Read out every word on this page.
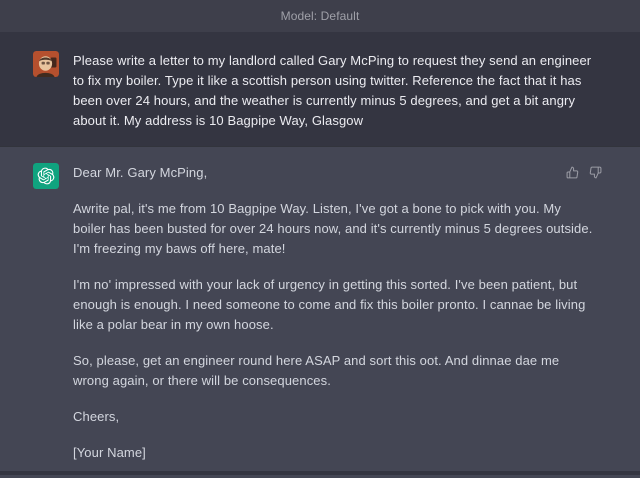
Model: Default
Please write a letter to my landlord called Gary McPing to request they send an engineer to fix my boiler. Type it like a scottish person using twitter. Reference the fact that it has been over 24 hours, and the weather is currently minus 5 degrees, and get a bit angry about it. My address is 10 Bagpipe Way, Glasgow

Dear Mr. Gary McPing,

Awrite pal, it's me from 10 Bagpipe Way. Listen, I've got a bone to pick with you. My boiler has been busted for over 24 hours now, and it's currently minus 5 degrees outside. I'm freezing my baws off here, mate!

I'm no' impressed with your lack of urgency in getting this sorted. I've been patient, but enough is enough. I need someone to come and fix this boiler pronto. I cannae be living like a polar bear in my own hoose.

So, please, get an engineer round here ASAP and sort this oot. And dinnae dae me wrong again, or there will be consequences.

Cheers,

[Your Name]
